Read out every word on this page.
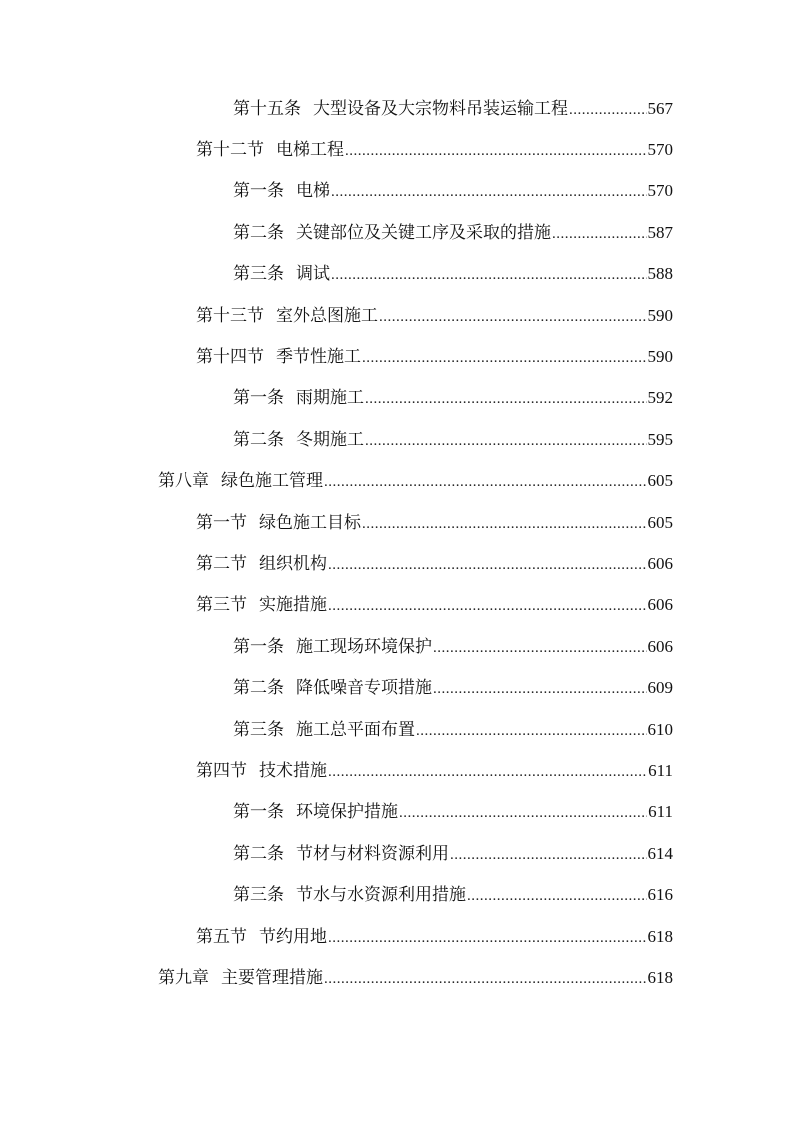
第十五条 大型设备及大宗物料吊装运输工程 .....	567
第十二节 电梯工程 .....	570
第一条 电梯 .....	570
第二条 关键部位及关键工序及采取的措施 .....	587
第三条 调试 .....	588
第十三节 室外总图施工 .....	590
第十四节 季节性施工 .....	590
第一条 雨期施工 .....	592
第二条 冬期施工 .....	595
第八章 绿色施工管理 .....	605
第一节 绿色施工目标 .....	605
第二节 组织机构 .....	606
第三节 实施措施 .....	606
第一条 施工现场环境保护 .....	606
第二条 降低噪音专项措施 .....	609
第三条 施工总平面布置 .....	610
第四节 技术措施 .....	611
第一条 环境保护措施 .....	611
第二条 节材与材料资源利用 .....	614
第三条 节水与水资源利用措施 .....	616
第五节 节约用地 .....	618
第九章 主要管理措施 .....	618
